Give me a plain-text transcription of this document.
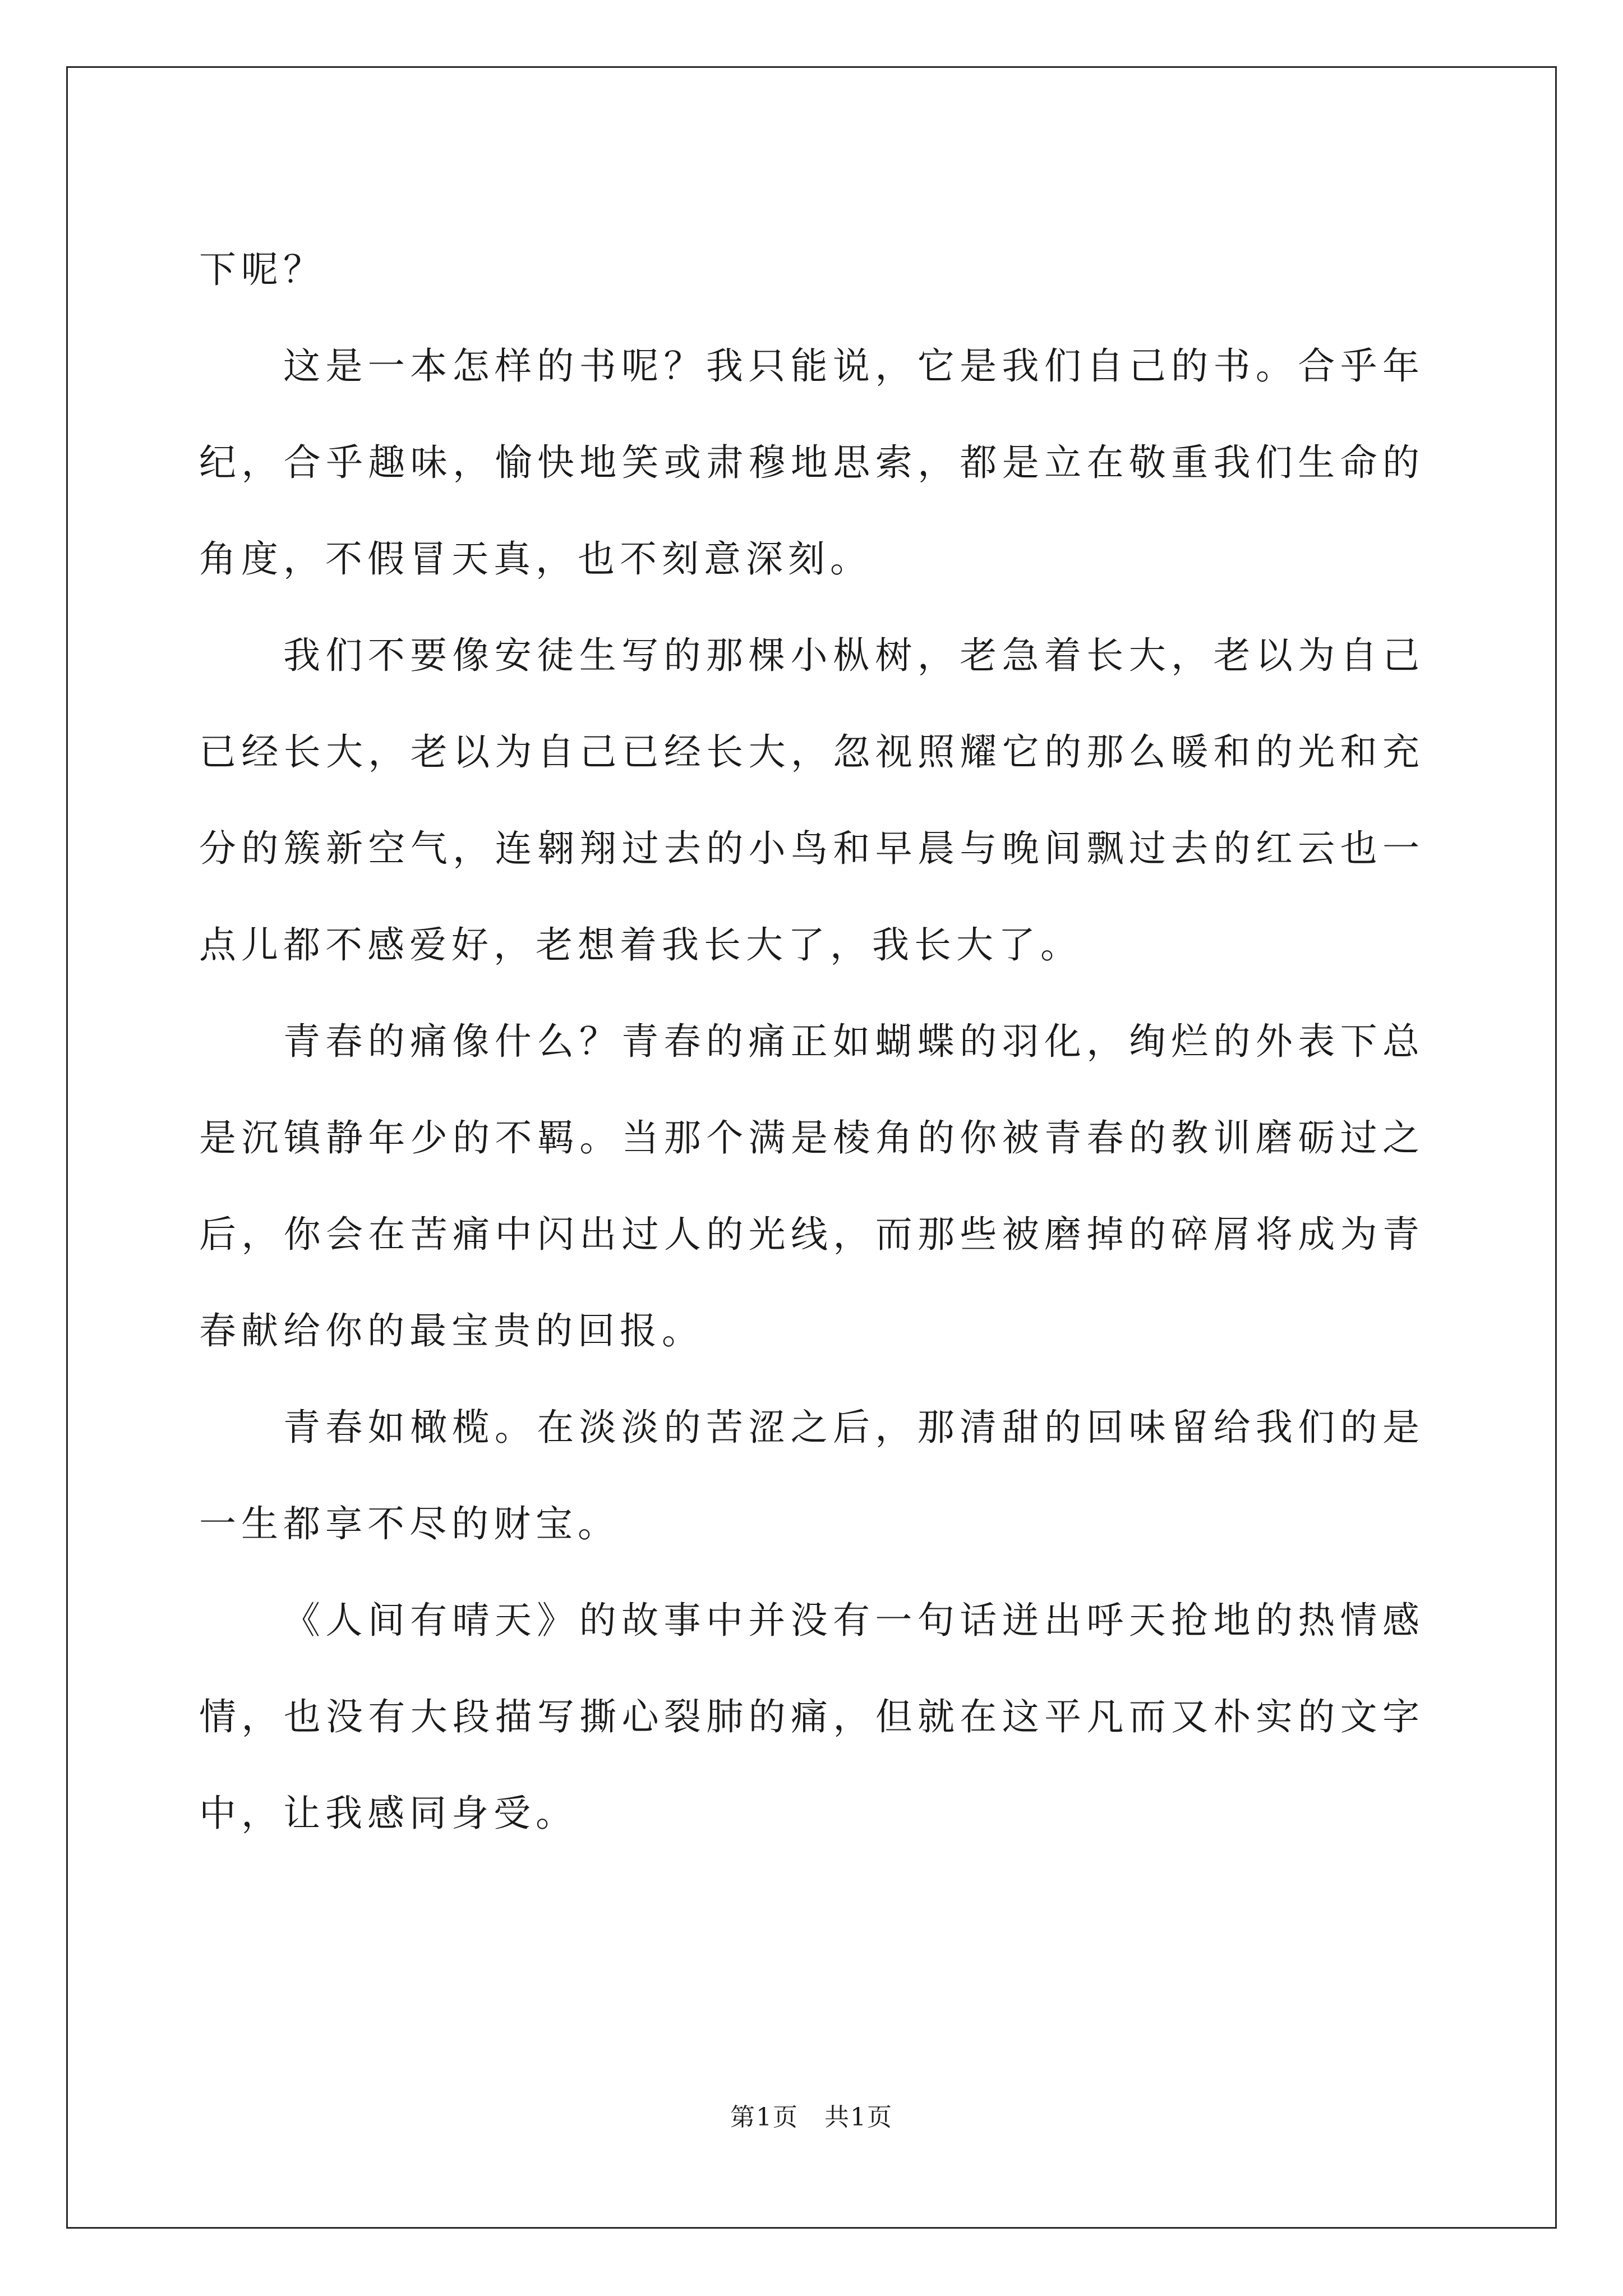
下呢？

这是一本怎样的书呢？我只能说，它是我们自己的书。合乎年纪，合乎趣味，愉快地笑或肃穆地思索，都是立在敬重我们生命的角度，不假冒天真，也不刻意深刻。

我们不要像安徒生写的那棵小枞树，老急着长大，老以为自己已经长大，老以为自己已经长大，忽视照耀它的那么暖和的光和充分的簇新空气，连翱翔过去的小鸟和早晨与晚间飘过去的红云也一点儿都不感爱好，老想着我长大了，我长大了。

青春的痛像什么？青春的痛正如蝴蝶的羽化，绚烂的外表下总是沉镇静年少的不羁。当那个满是棱角的你被青春的教训磨砺过之后，你会在苦痛中闪出过人的光线，而那些被磨掉的碎屑将成为青春献给你的最宝贵的回报。

青春如橄榄。在淡淡的苦涩之后，那清甜的回味留给我们的是一生都享不尽的财宝。

《人间有晴天》的故事中并没有一句话迸出呼天抢地的热情感情，也没有大段描写撕心裂肺的痛，但就在这平凡而又朴实的文字中，让我感同身受。

第1页 共1页
